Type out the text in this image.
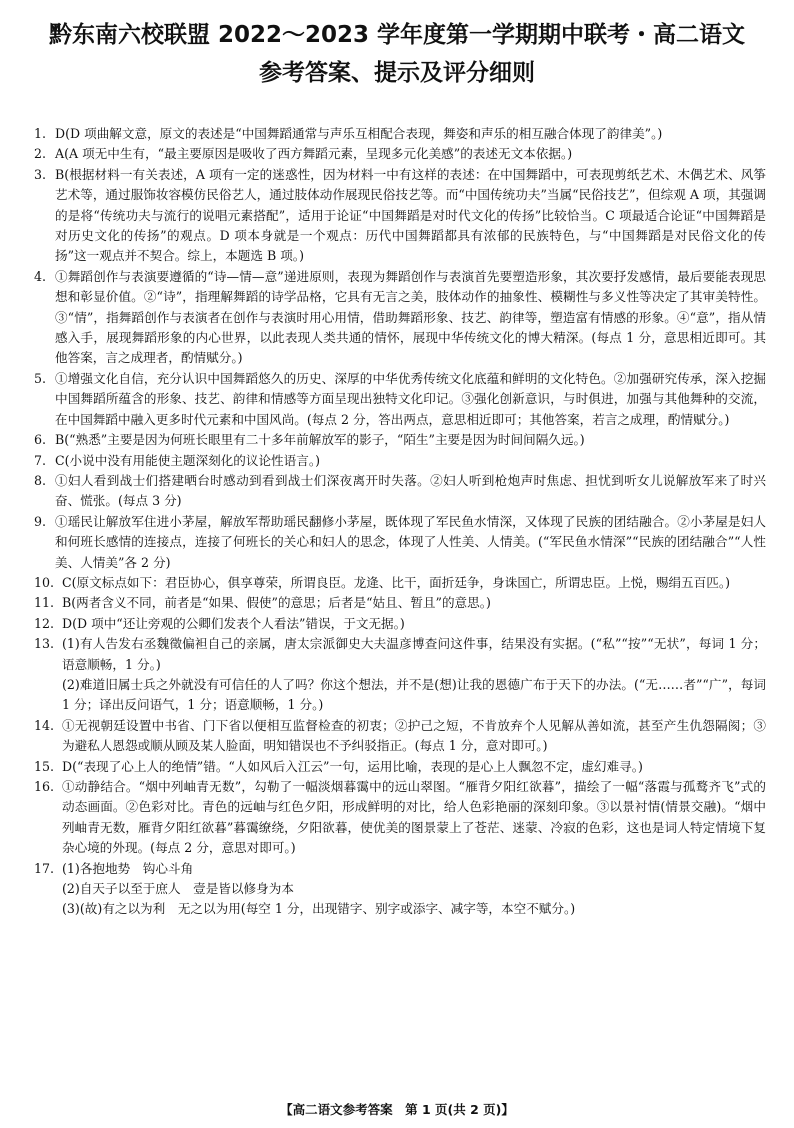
黔东南六校联盟 2022～2023 学年度第一学期期中联考・高二语文
参考答案、提示及评分细则
1. D(D 项曲解文意，原文的表述是“中国舞蹈通常与声乐互相配合表现，舞姿和声乐的相互融合体现了韵律美”。)
2. A(A 项无中生有，“最主要原因是吸收了西方舞蹈元素，呈现多元化美感”的表述无文本依据。)
3. B(根据材料一有关表述，A 项有一定的迷惑性，因为材料一中有这样的表述：在中国舞蹈中，可表现剪纸艺术、木偶艺术、风筝艺术等，通过服饰妆容模仿民俗艺人，通过肢体动作展现民俗技艺等。而“中国传统功夫”当属“民俗技艺”，但综观 A 项，其强调的是将“传统功夫与流行的说唱元素搭配”，适用于论证“中国舞蹈是对时代文化的传扬”比较恰当。C 项最适合论证“中国舞蹈是对历史文化的传扬”的观点。D 项本身就是一个观点：历代中国舞蹈都具有浓郁的民族特色，与“中国舞蹈是对民俗文化的传扬”这一观点并不契合。综上，本题选 B 项。)
4. ①舞蹈创作与表演要遵循的“诗—情—意”递进原则，表现为舞蹈创作与表演首先要塑造形象，其次要抒发感情，最后要能表现思想和彰显价值。②“诗”，指理解舞蹈的诗学品格，它具有无言之美，肢体动作的抽象性、模糊性与多义性等决定了其审美特性。③“情”，指舞蹈创作与表演者在创作与表演时用心用情，借助舞蹈形象、技艺、韵律等，塑造富有情感的形象。④“意”，指从情感入手，展现舞蹈形象的内心世界，以此表现人类共通的情怀，展现中华传统文化的博大精深。(每点 1 分，意思相近即可。其他答案，言之成理者，酌情赋分。)
5. ①增强文化自信，充分认识中国舞蹈悠久的历史、深厚的中华优秀传统文化底蕴和鲜明的文化特色。②加强研究传承，深入挖掘中国舞蹈所蕴含的形象、技艺、韵律和情感等方面呈现出独特文化印记。③强化创新意识，与时俱进，加强与其他舞种的交流，在中国舞蹈中融入更多时代元素和中国风尚。(每点 2 分，答出两点，意思相近即可；其他答案，若言之成理，酌情赋分。)
6. B(“熟悉”主要是因为何班长眼里有二十多年前解放军的影子，“陌生”主要是因为时间间隔久远。)
7. C(小说中没有用能使主题深刻化的议论性语言。)
8. ①妇人看到战士们搭建晒台时感动到看到战士们深夜离开时失落。②妇人听到枪炮声时焦虑、担忧到听女儿说解放军来了时兴奋、慌张。(每点 3 分)
9. ①瑶民让解放军住进小茅屋，解放军帮助瑶民翻修小茅屋，既体现了军民鱼水情深，又体现了民族的团结融合。②小茅屋是妇人和何班长感情的连接点，连接了何班长的关心和妇人的思念，体现了人性美、人情美。(“军民鱼水情深”“民族的团结融合”“人性美、人情美”各 2 分)
10. C(原文标点如下：君臣协心，俱享尊荣，所谓良臣。龙逄、比干，面折廷争，身诛国亡，所谓忠臣。上悦，赐绢五百匹。)
11. B(两者含义不同，前者是“如果、假使”的意思；后者是“姑且、暂且”的意思。)
12. D(D 项中“还让旁观的公卿们发表个人看法”错误，于文无据。)
13. (1)有人告发右丞魏徵偏袒自己的亲属，唐太宗派御史大夫温彦博查问这件事，结果没有实据。(“私”“按”“无状”，每词 1 分；语意顺畅，1 分。)
(2)难道旧属士兵之外就没有可信任的人了吗？你这个想法，并不是(想)让我的恩德广布于天下的办法。(“无……者”“广”，每词 1 分；译出反问语气，1 分；语意顺畅，1 分。)
14. ①无视朝廷设置中书省、门下省以便相互监督检查的初衷；②护己之短，不肯放弃个人见解从善如流，甚至产生仇怨隔阂；③为避私人恩怨或顺从顾及某人脸面，明知错误也不予纠驳指正。(每点 1 分，意对即可。)
15. D(“表现了心上人的绝情”错。“人如风后入江云”一句，运用比喻，表现的是心上人飘忽不定，虚幻难寻。)
16. ①动静结合。“烟中列岫青无数”，勾勒了一幅淡烟暮霭中的远山翠图。“雁背夕阳红欲暮”，描绘了一幅“落霞与孤鹜齐飞”式的动态画面。②色彩对比。青色的远岫与红色夕阳，形成鲜明的对比，给人色彩艳丽的深刻印象。③以景衬情(情景交融)。“烟中列岫青无数，雁背夕阳红欲暮”暮霭缭绕，夕阳欲暮，使优美的图景蒙上了苍茫、迷蒙、冷寂的色彩，这也是词人特定情境下复杂心境的外现。(每点 2 分，意思对即可。)
17. (1)各抱地势　钩心斗角
(2)自天子以至于庶人　壹是皆以修身为本
(3)(故)有之以为利　无之以为用(每空 1 分，出现错字、别字或添字、减字等，本空不赋分。)
【高二语文参考答案　第 1 页(共 2 页)】
